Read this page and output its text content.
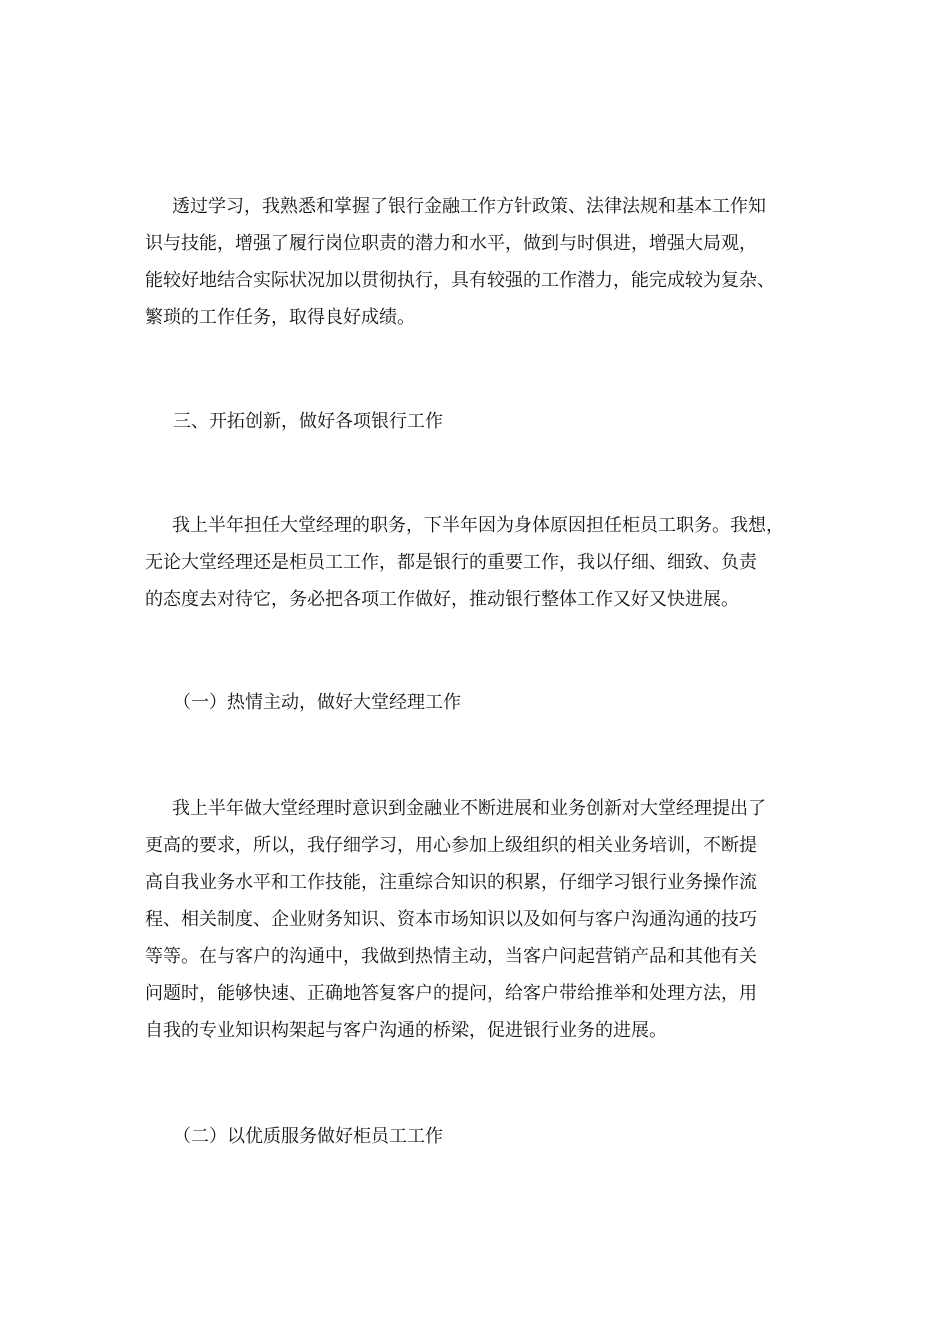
透过学习，我熟悉和掌握了银行金融工作方针政策、法律法规和基本工作知
识与技能，增强了履行岗位职责的潜力和水平，做到与时俱进，增强大局观，
能较好地结合实际状况加以贯彻执行，具有较强的工作潜力，能完成较为复杂、
繁琐的工作任务，取得良好成绩。
三、开拓创新，做好各项银行工作
我上半年担任大堂经理的职务，下半年因为身体原因担任柜员工职务。我想，
无论大堂经理还是柜员工工作，都是银行的重要工作，我以仔细、细致、负责
的态度去对待它，务必把各项工作做好，推动银行整体工作又好又快进展。
（一）热情主动，做好大堂经理工作
我上半年做大堂经理时意识到金融业不断进展和业务创新对大堂经理提出了
更高的要求，所以，我仔细学习，用心参加上级组织的相关业务培训，不断提
高自我业务水平和工作技能，注重综合知识的积累，仔细学习银行业务操作流
程、相关制度、企业财务知识、资本市场知识以及如何与客户沟通沟通的技巧
等等。在与客户的沟通中，我做到热情主动，当客户问起营销产品和其他有关
问题时，能够快速、正确地答复客户的提问，给客户带给推举和处理方法，用
自我的专业知识构架起与客户沟通的桥梁，促进银行业务的进展。
（二）以优质服务做好柜员工工作
